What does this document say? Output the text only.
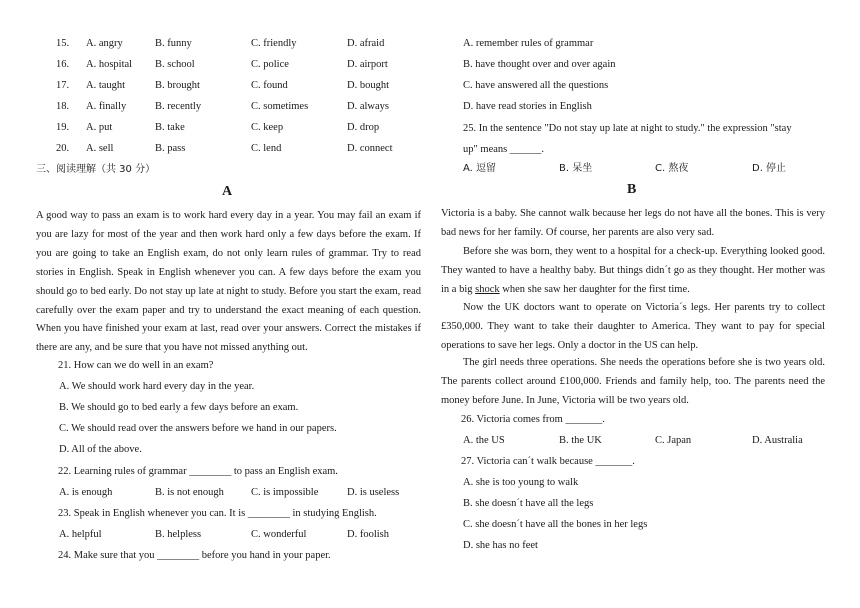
15. A. angry	B. funny	C. friendly	D. afraid
16. A. hospital B. school	C. police	D. airport
17. A. taught	B. brought	C. found	D. bought
18. A. finally	B. recently	C. sometimes	D. always
19. A. put	B. take	C. keep	D. drop
20. A. sell	B. pass	C. lend	D. connect
三、阅读理解（共 30 分）
A
A good way to pass an exam is to work hard every day in a year. You may fail an exam if you are lazy for most of the year and then work hard only a few days before the exam. If you are going to take an English exam, do not only learn rules of grammar. Try to read stories in English. Speak in English whenever you can. A few days before the exam you should go to bed early. Do not stay up late at night to study. Before you start the exam, read carefully over the exam paper and try to understand the exact meaning of each question. When you have finished your exam at last, read over your answers. Correct the mistakes if there are any, and be sure that you have not missed anything out.
21. How can we do well in an exam?
A. We should work hard every day in the year.
B. We should go to bed early a few days before an exam.
C. We should read over the answers before we hand in our papers.
D. All of the above.
22. Learning rules of grammar ________ to pass an English exam.
A. is enough	B. is not enough	C. is impossible	D. is useless
23. Speak in English whenever you can. It is ________ in studying English.
A. helpful	B. helpless	C. wonderful	D. foolish
24. Make sure that you ________ before you hand in your paper.
A. remember rules of grammar
B. have thought over and over again
C. have answered all the questions
D. have read stories in English
25. In the sentence "Do not stay up late at night to study." the expression "stay
up" means ______.
A. 逗留	B. 呆坐	C. 熬夜	D. 停止
B
Victoria is a baby. She cannot walk because her legs do not have all the bones. This is very bad news for her family. Of course, her parents are also very sad.
Before she was born, they went to a hospital for a check-up. Everything looked good. They wanted to have a healthy baby. But things didn´t go as they thought. Her mother was in a big shock when she saw her daughter for the first time.
Now the UK doctors want to operate on Victoria´s legs. Her parents try to collect £350,000. They want to take their daughter to America. They want to pay for special operations to save her legs. Only a doctor in the US can help.
The girl needs three operations. She needs the operations before she is two years old. The parents collect around £100,000. Friends and family help, too. The parents need the money before June. In June, Victoria will be two years old.
26. Victoria comes from _______.
A. the US	B. the UK	C. Japan	D. Australia
27. Victoria can´t walk because _______.
A. she is too young to walk
B. she doesn´t have all the legs
C. she doesn´t have all the bones in her legs
D. she has no feet
